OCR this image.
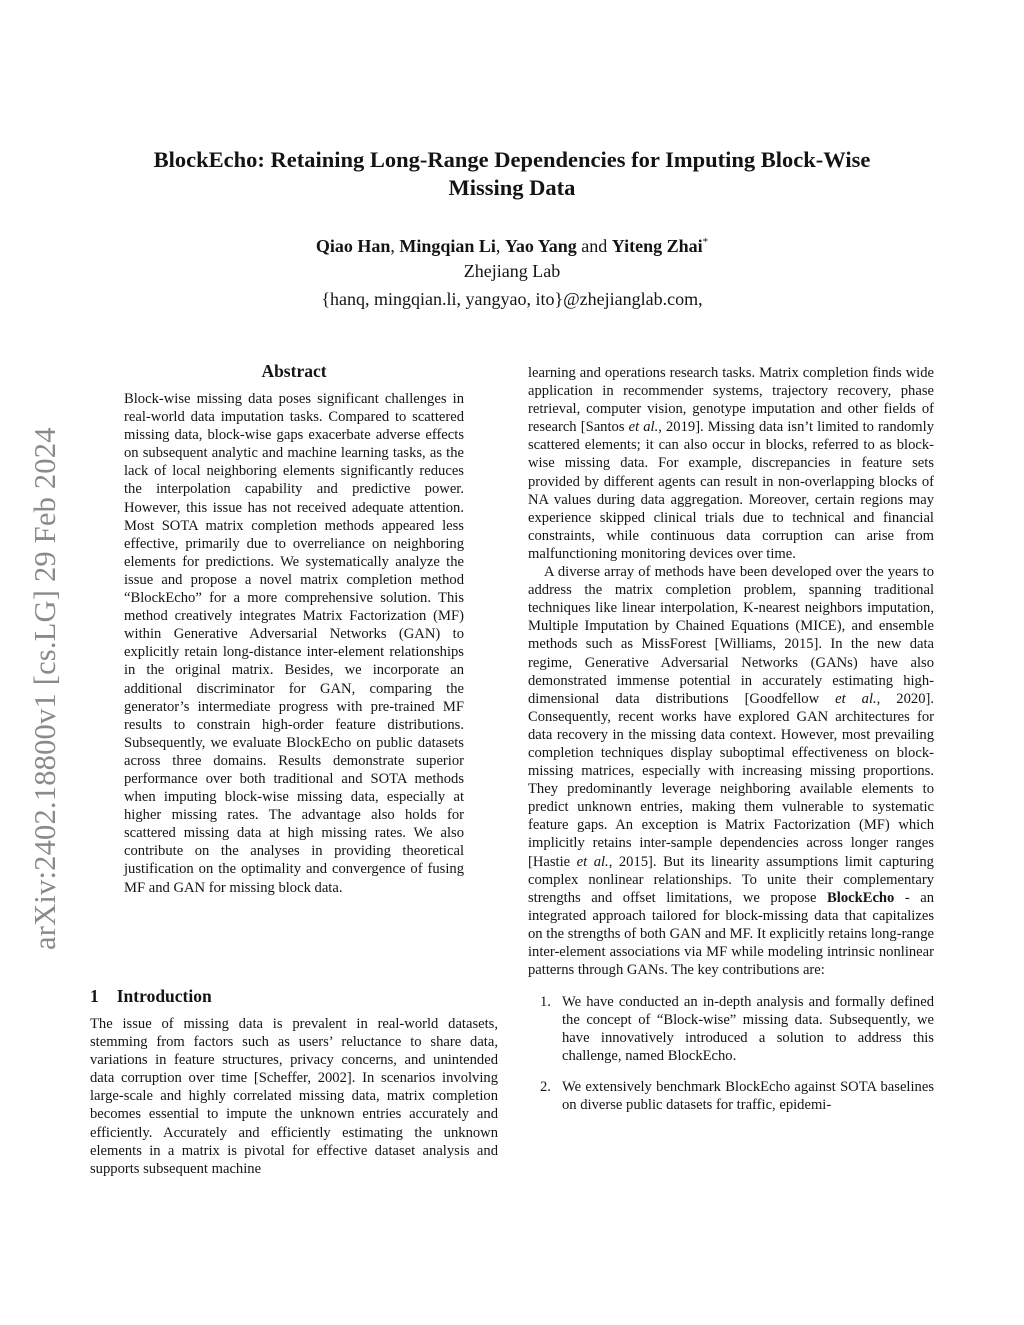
arXiv:2402.18800v1 [cs.LG] 29 Feb 2024
BlockEcho: Retaining Long-Range Dependencies for Imputing Block-Wise
Missing Data
Qiao Han, Mingqian Li, Yao Yang and Yiteng Zhai*
Zhejiang Lab
{hanq, mingqian.li, yangyao, ito}@zhejianglab.com,
Abstract

Block-wise missing data poses significant challenges in real-world data imputation tasks. Compared to scattered missing data, block-wise gaps exacerbate adverse effects on subsequent analytic and machine learning tasks, as the lack of local neighboring elements significantly reduces the interpolation capability and predictive power. However, this issue has not received adequate attention. Most SOTA matrix completion methods appeared less effective, primarily due to overreliance on neighboring elements for predictions. We systematically analyze the issue and propose a novel matrix completion method “BlockEcho” for a more comprehensive solution. This method creatively integrates Matrix Factorization (MF) within Generative Adversarial Networks (GAN) to explicitly retain long-distance inter-element relationships in the original matrix. Besides, we incorporate an additional discriminator for GAN, comparing the generator’s intermediate progress with pre-trained MF results to constrain high-order feature distributions. Subsequently, we evaluate BlockEcho on public datasets across three domains. Results demonstrate superior performance over both traditional and SOTA methods when imputing block-wise missing data, especially at higher missing rates. The advantage also holds for scattered missing data at high missing rates. We also contribute on the analyses in providing theoretical justification on the optimality and convergence of fusing MF and GAN for missing block data.

1 Introduction

The issue of missing data is prevalent in real-world datasets, stemming from factors such as users’ reluctance to share data, variations in feature structures, privacy concerns, and unintended data corruption over time [Scheffer, 2002]. In scenarios involving large-scale and highly correlated missing data, matrix completion becomes essential to impute the unknown entries accurately and efficiently. Accurately and efficiently estimating the unknown elements in a matrix is pivotal for effective dataset analysis and supports subsequent machine

learning and operations research tasks. Matrix completion finds wide application in recommender systems, trajectory recovery, phase retrieval, computer vision, genotype imputation and other fields of research [Santos et al., 2019]. Missing data isn’t limited to randomly scattered elements; it can also occur in blocks, referred to as block-wise missing data. For example, discrepancies in feature sets provided by different agents can result in non-overlapping blocks of NA values during data aggregation. Moreover, certain regions may experience skipped clinical trials due to technical and financial constraints, while continuous data corruption can arise from malfunctioning monitoring devices over time.

A diverse array of methods have been developed over the years to address the matrix completion problem, spanning traditional techniques like linear interpolation, K-nearest neighbors imputation, Multiple Imputation by Chained Equations (MICE), and ensemble methods such as MissForest [Williams, 2015]. In the new data regime, Generative Adversarial Networks (GANs) have also demonstrated immense potential in accurately estimating high-dimensional data distributions [Goodfellow et al., 2020]. Consequently, recent works have explored GAN architectures for data recovery in the missing data context. However, most prevailing completion techniques display suboptimal effectiveness on block-missing matrices, especially with increasing missing proportions. They predominantly leverage neighboring available elements to predict unknown entries, making them vulnerable to systematic feature gaps. An exception is Matrix Factorization (MF) which implicitly retains inter-sample dependencies across longer ranges [Hastie et al., 2015]. But its linearity assumptions limit capturing complex nonlinear relationships. To unite their complementary strengths and offset limitations, we propose BlockEcho - an integrated approach tailored for block-missing data that capitalizes on the strengths of both GAN and MF. It explicitly retains long-range inter-element associations via MF while modeling intrinsic nonlinear patterns through GANs. The key contributions are:

1. We have conducted an in-depth analysis and formally defined the concept of “Block-wise” missing data. Subsequently, we have innovatively introduced a solution to address this challenge, named BlockEcho.
2. We extensively benchmark BlockEcho against SOTA baselines on diverse public datasets for traffic, epidemi-
